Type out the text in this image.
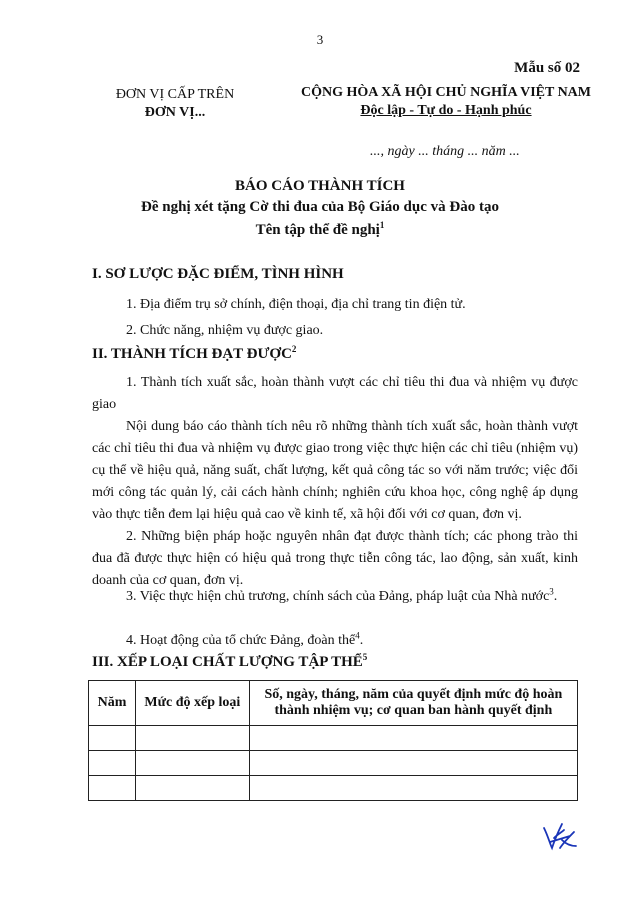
3
Mẫu số 02
ĐƠN VỊ CẤP TRÊN
ĐƠN VỊ...
CỘNG HÒA XÃ HỘI CHỦ NGHĨA VIỆT NAM
Độc lập - Tự do - Hạnh phúc
..., ngày ... tháng ... năm ...
BÁO CÁO THÀNH TÍCH
Đề nghị xét tặng Cờ thi đua của Bộ Giáo dục và Đào tạo
Tên tập thể đề nghị$^1$
I. SƠ LƯỢC ĐẶC ĐIỂM, TÌNH HÌNH
1. Địa điểm trụ sở chính, điện thoại, địa chỉ trang tin điện tử.
2. Chức năng, nhiệm vụ được giao.
II. THÀNH TÍCH ĐẠT ĐƯỢC$^2$
1. Thành tích xuất sắc, hoàn thành vượt các chỉ tiêu thi đua và nhiệm vụ được giao
Nội dung báo cáo thành tích nêu rõ những thành tích xuất sắc, hoàn thành vượt các chỉ tiêu thi đua và nhiệm vụ được giao trong việc thực hiện các chỉ tiêu (nhiệm vụ) cụ thể về hiệu quả, năng suất, chất lượng, kết quả công tác so với năm trước; việc đổi mới công tác quản lý, cải cách hành chính; nghiên cứu khoa học, công nghệ áp dụng vào thực tiễn đem lại hiệu quả cao về kinh tế, xã hội đối với cơ quan, đơn vị.
2. Những biện pháp hoặc nguyên nhân đạt được thành tích; các phong trào thi đua đã được thực hiện có hiệu quả trong thực tiễn công tác, lao động, sản xuất, kinh doanh của cơ quan, đơn vị.
3. Việc thực hiện chủ trương, chính sách của Đảng, pháp luật của Nhà nước$^3$.
4. Hoạt động của tổ chức Đảng, đoàn thể$^4$.
III. XẾP LOẠI CHẤT LƯỢNG TẬP THỂ$^5$
Năm	Mức độ xếp loại	Số, ngày, tháng, năm của quyết định mức độ hoàn thành nhiệm vụ; cơ quan ban hành quyết định
